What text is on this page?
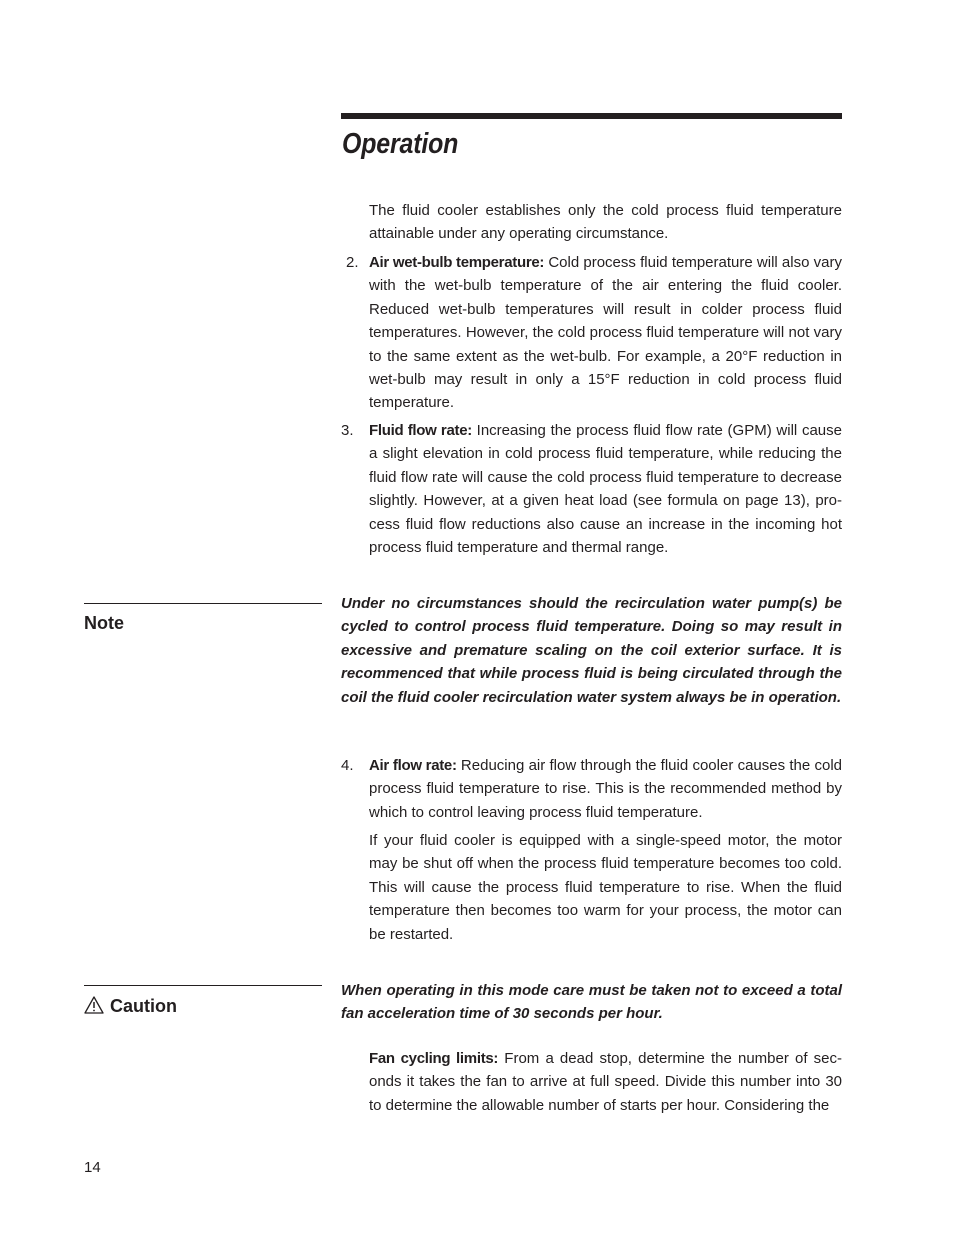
Operation

The fluid cooler establishes only the cold process fluid temperature attainable under any operating circumstance.

2. Air wet-bulb temperature: Cold process fluid temperature will also vary with the wet-bulb temperature of the air entering the fluid cooler. Reduced wet-bulb temperatures will result in colder process fluid temperatures. However, the cold process fluid temperature will not vary to the same extent as the wet-bulb. For example, a 20°F reduction in wet-bulb may result in only a 15°F reduction in cold process fluid temperature.

3.	Fluid flow rate: Increasing the process fluid flow rate (GPM) will cause a slight elevation in cold process fluid temperature, while reducing the fluid flow rate will cause the cold process fluid temperature to decrease slightly. However, at a given heat load (see formula on page 13), process fluid flow reductions also cause an increase in the incoming hot process fluid temperature and thermal range.

Note

Under no circumstances should the recirculation water pump(s) be cycled to control process fluid temperature. Doing so may result in excessive and premature scaling on the coil exterior surface. It is recommenced that while process fluid is being circulated through the coil the fluid cooler recirculation water system always be in operation.

4.	Air flow rate: Reducing air flow through the fluid cooler causes the cold process fluid temperature to rise. This is the recommended method by which to control leaving process fluid temperature.

If your fluid cooler is equipped with a single-speed motor, the motor may be shut off when the process fluid temperature becomes too cold. This will cause the process fluid temperature to rise. When the fluid temperature then becomes too warm for your process, the motor can be restarted.

Caution

When operating in this mode care must be taken not to exceed a total fan acceleration time of 30 seconds per hour.

Fan cycling limits: From a dead stop, determine the number of seconds it takes the fan to arrive at full speed. Divide this number into 30 to determine the allowable number of starts per hour. Considering the

14
